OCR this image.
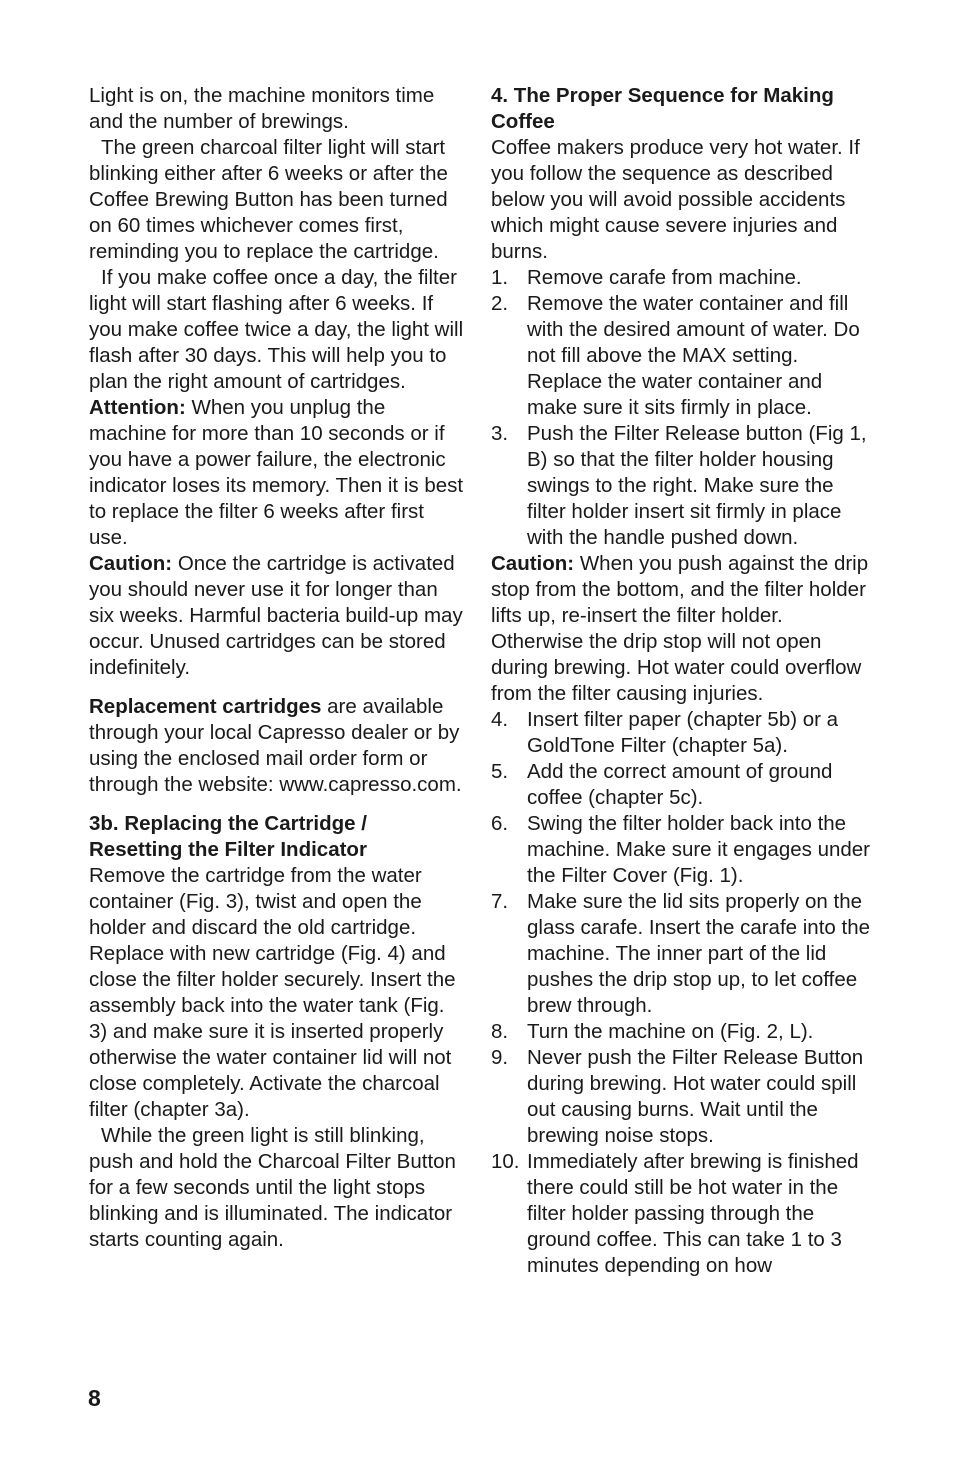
Light is on, the machine monitors time and the number of brewings.

The green charcoal filter light will start blinking either after 6 weeks or after the Coffee Brewing Button has been turned on 60 times whichever comes first, reminding you to replace the cartridge.

If you make coffee once a day, the filter light will start flashing after 6 weeks. If you make coffee twice a day, the light will flash after 30 days. This will help you to plan the right amount of cartridges.

Attention: When you unplug the machine for more than 10 seconds or if you have a power failure, the electronic indicator loses its memory. Then it is best to replace the filter 6 weeks after first use.

Caution: Once the cartridge is activated you should never use it for longer than six weeks. Harmful bacteria build-up may occur. Unused cartridges can be stored indefinitely.

Replacement cartridges are available through your local Capresso dealer or by using the enclosed mail order form or through the website: www.capresso.com.

3b. Replacing the Cartridge / Resetting the Filter Indicator

Remove the cartridge from the water container (Fig. 3), twist and open the holder and discard the old cartridge. Replace with new cartridge (Fig. 4) and close the filter holder securely. Insert the assembly back into the water tank (Fig. 3) and make sure it is inserted properly otherwise the water container lid will not close completely. Activate the charcoal filter (chapter 3a).

While the green light is still blinking, push and hold the Charcoal Filter Button for a few seconds until the light stops blinking and is illuminated. The indicator starts counting again.

4. The Proper Sequence for Making Coffee

Coffee makers produce very hot water. If you follow the sequence as described below you will avoid possible accidents which might cause severe injuries and burns.

1. Remove carafe from machine.
2. Remove the water container and fill with the desired amount of water. Do not fill above the MAX setting. Replace the water container and make sure it sits firmly in place.
3. Push the Filter Release button (Fig 1, B) so that the filter holder housing swings to the right. Make sure the filter holder insert sit firmly in place with the handle pushed down.

Caution: When you push against the drip stop from the bottom, and the filter holder lifts up, re-insert the filter holder. Otherwise the drip stop will not open during brewing. Hot water could overflow from the filter causing injuries.

4. Insert filter paper (chapter 5b) or a GoldTone Filter (chapter 5a).
5. Add the correct amount of ground coffee (chapter 5c).
6. Swing the filter holder back into the machine. Make sure it engages under the Filter Cover (Fig. 1).
7. Make sure the lid sits properly on the glass carafe. Insert the carafe into the machine. The inner part of the lid pushes the drip stop up, to let coffee brew through.
8. Turn the machine on (Fig. 2, L).
9. Never push the Filter Release Button during brewing. Hot water could spill out causing burns. Wait until the brewing noise stops.
10. Immediately after brewing is finished there could still be hot water in the filter holder passing through the ground coffee. This can take 1 to 3 minutes depending on how
8
